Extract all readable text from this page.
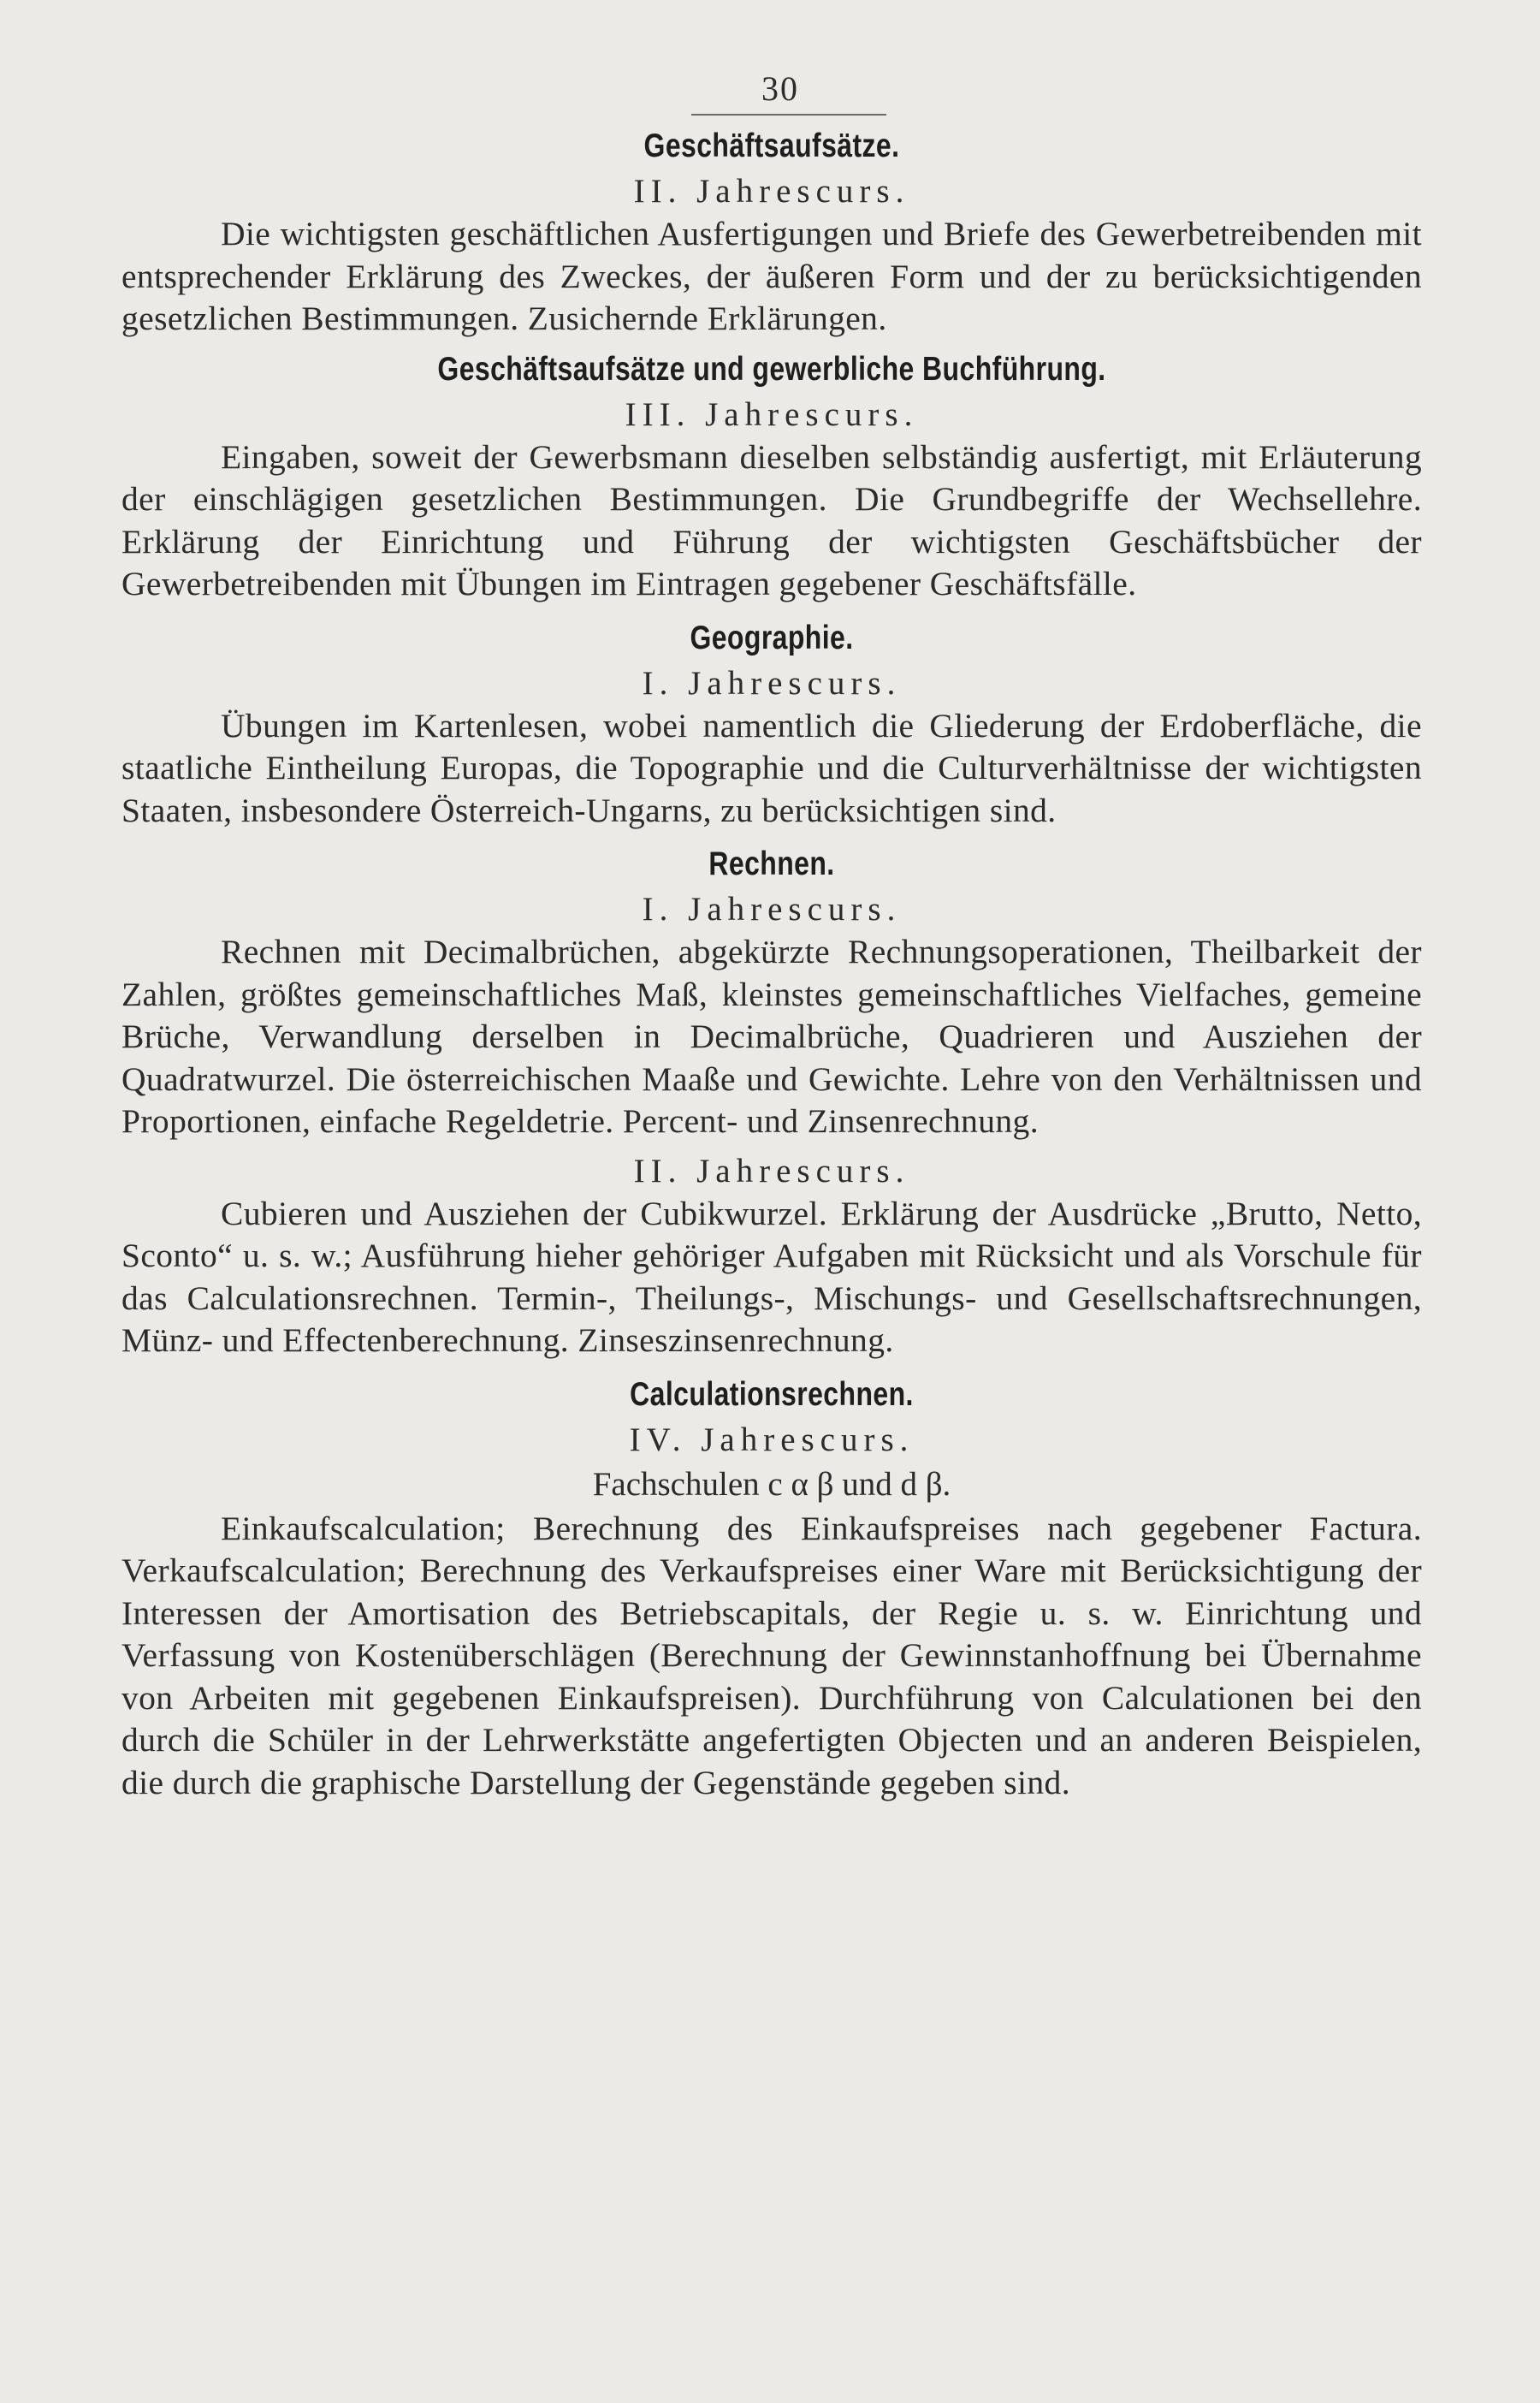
30
Geschäftsaufsätze.

II. Jahrescurs.

Die wichtigsten geschäftlichen Ausfertigungen und Briefe des Gewerbetreibenden mit entsprechender Erklärung des Zweckes, der äußeren Form und der zu berücksichtigenden gesetzlichen Bestimmungen. Zusichernde Erklärungen.

Geschäftsaufsätze und gewerbliche Buchführung.

III. Jahrescurs.

Eingaben, soweit der Gewerbsmann dieselben selbständig ausfertigt, mit Erläuterung der einschlägigen gesetzlichen Bestimmungen. Die Grundbegriffe der Wechsellehre. Erklärung der Einrichtung und Führung der wichtigsten Geschäftsbücher der Gewerbetreibenden mit Übungen im Eintragen gegebener Geschäftsfälle.

Geographie.

I. Jahrescurs.

Übungen im Kartenlesen, wobei namentlich die Gliederung der Erdoberfläche, die staatliche Eintheilung Europas, die Topographie und die Culturverhältnisse der wichtigsten Staaten, insbesondere Österreich-Ungarns, zu berücksichtigen sind.

Rechnen.

I. Jahrescurs.

Rechnen mit Decimalbrüchen, abgekürzte Rechnungsoperationen, Theilbarkeit der Zahlen, größtes gemeinschaftliches Maß, kleinstes gemeinschaftliches Vielfaches, gemeine Brüche, Verwandlung derselben in Decimalbrüche, Quadrieren und Ausziehen der Quadratwurzel. Die österreichischen Maaße und Gewichte. Lehre von den Verhältnissen und Proportionen, einfache Regeldetrie. Percent- und Zinsenrechnung.

II. Jahrescurs.

Cubieren und Ausziehen der Cubikwurzel. Erklärung der Ausdrücke „Brutto, Netto, Sconto“ u. s. w.; Ausführung hieher gehöriger Aufgaben mit Rücksicht und als Vorschule für das Calculationsrechnen. Termin-, Theilungs-, Mischungs- und Gesellschaftsrechnungen, Münz- und Effectenberechnung. Zinseszinsenrechnung.

Calculationsrechnen.

IV. Jahrescurs.

Fachschulen c α β und d β.

Einkaufscalculation; Berechnung des Einkaufspreises nach gegebener Factura. Verkaufscalculation; Berechnung des Verkaufspreises einer Ware mit Berücksichtigung der Interessen der Amortisation des Betriebscapitals, der Regie u. s. w. Einrichtung und Verfassung von Kostenüberschlägen (Berechnung der Gewinnstanhoffnung bei Übernahme von Arbeiten mit gegebenen Einkaufspreisen). Durchführung von Calculationen bei den durch die Schüler in der Lehrwerkstätte angefertigten Objecten und an anderen Beispielen, die durch die graphische Darstellung der Gegenstände gegeben sind.
